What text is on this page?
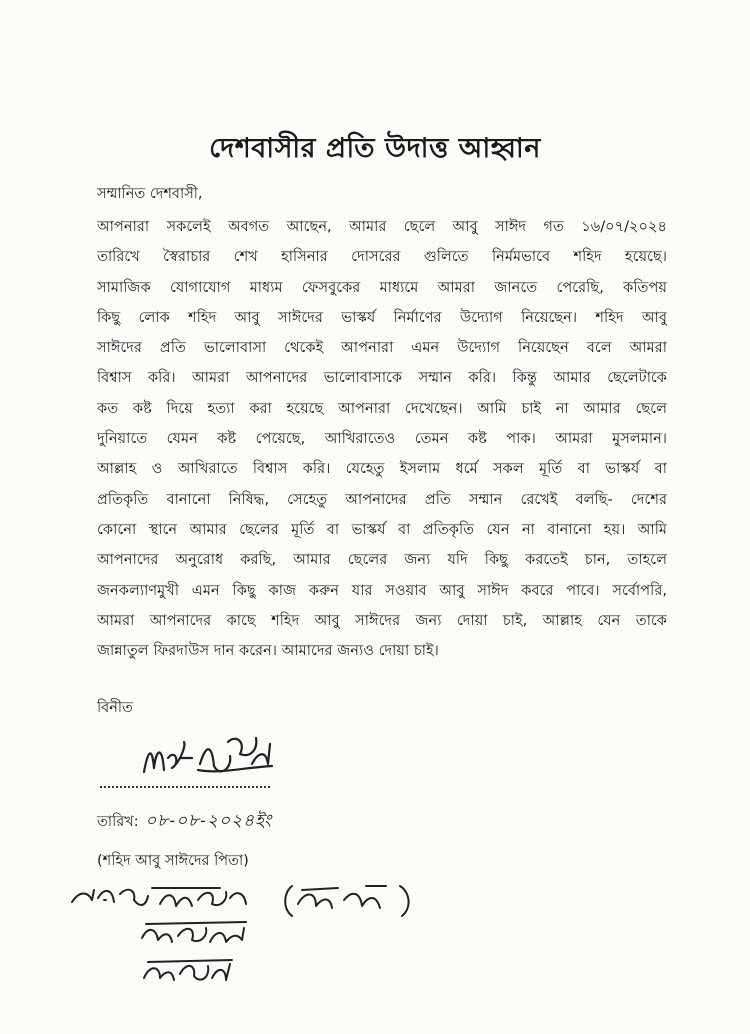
দেশবাসীর প্রতি উদাত্ত আহ্বান
সম্মানিত দেশবাসী,
আপনারা সকলেই অবগত আছেন, আমার ছেলে আবু সাঈদ গত ১৬/০৭/২০২৪
তারিখে স্বৈরাচার শেখ হাসিনার দোসরের গুলিতে নির্মমভাবে শহিদ হয়েছে।
সামাজিক যোগাযোগ মাধ্যম ফেসবুকের মাধ্যমে আমরা জানতে পেরেছি, কতিপয়
কিছু লোক শহিদ আবু সাঈদের ভাস্কর্য নির্মাণের উদ্যোগ নিয়েছেন। শহিদ আবু
সাঈদের প্রতি ভালোবাসা থেকেই আপনারা এমন উদ্যোগ নিয়েছেন বলে আমরা
বিশ্বাস করি। আমরা আপনাদের ভালোবাসাকে সম্মান করি। কিন্তু আমার ছেলেটাকে
কত কষ্ট দিয়ে হত্যা করা হয়েছে আপনারা দেখেছেন। আমি চাই না আমার ছেলে
দুনিয়াতে যেমন কষ্ট পেয়েছে, আখিরাতেও তেমন কষ্ট পাক। আমরা মুসলমান।
আল্লাহ ও আখিরাতে বিশ্বাস করি। যেহেতু ইসলাম ধর্মে সকল মূর্তি বা ভাস্কর্য বা
প্রতিকৃতি বানানো নিষিদ্ধ, সেহেতু আপনাদের প্রতি সম্মান রেখেই বলছি- দেশের
কোনো স্থানে আমার ছেলের মূর্তি বা ভাস্কর্য বা প্রতিকৃতি যেন না বানানো হয়। আমি
আপনাদের অনুরোধ করছি, আমার ছেলের জন্য যদি কিছু করতেই চান, তাহলে
জনকল্যাণমুখী এমন কিছু কাজ করুন যার সওয়াব আবু সাঈদ কবরে পাবে। সর্বোপরি,
আমরা আপনাদের কাছে শহিদ আবু সাঈদের জন্য দোয়া চাই, আল্লাহ যেন তাকে
জান্নাতুল ফিরদাউস দান করেন। আমাদের জন্যও দোয়া চাই।
বিনীত
তারিখ: ০৮-০৮-২০২৪ইং
(শহিদ আবু সাঈদের পিতা)
